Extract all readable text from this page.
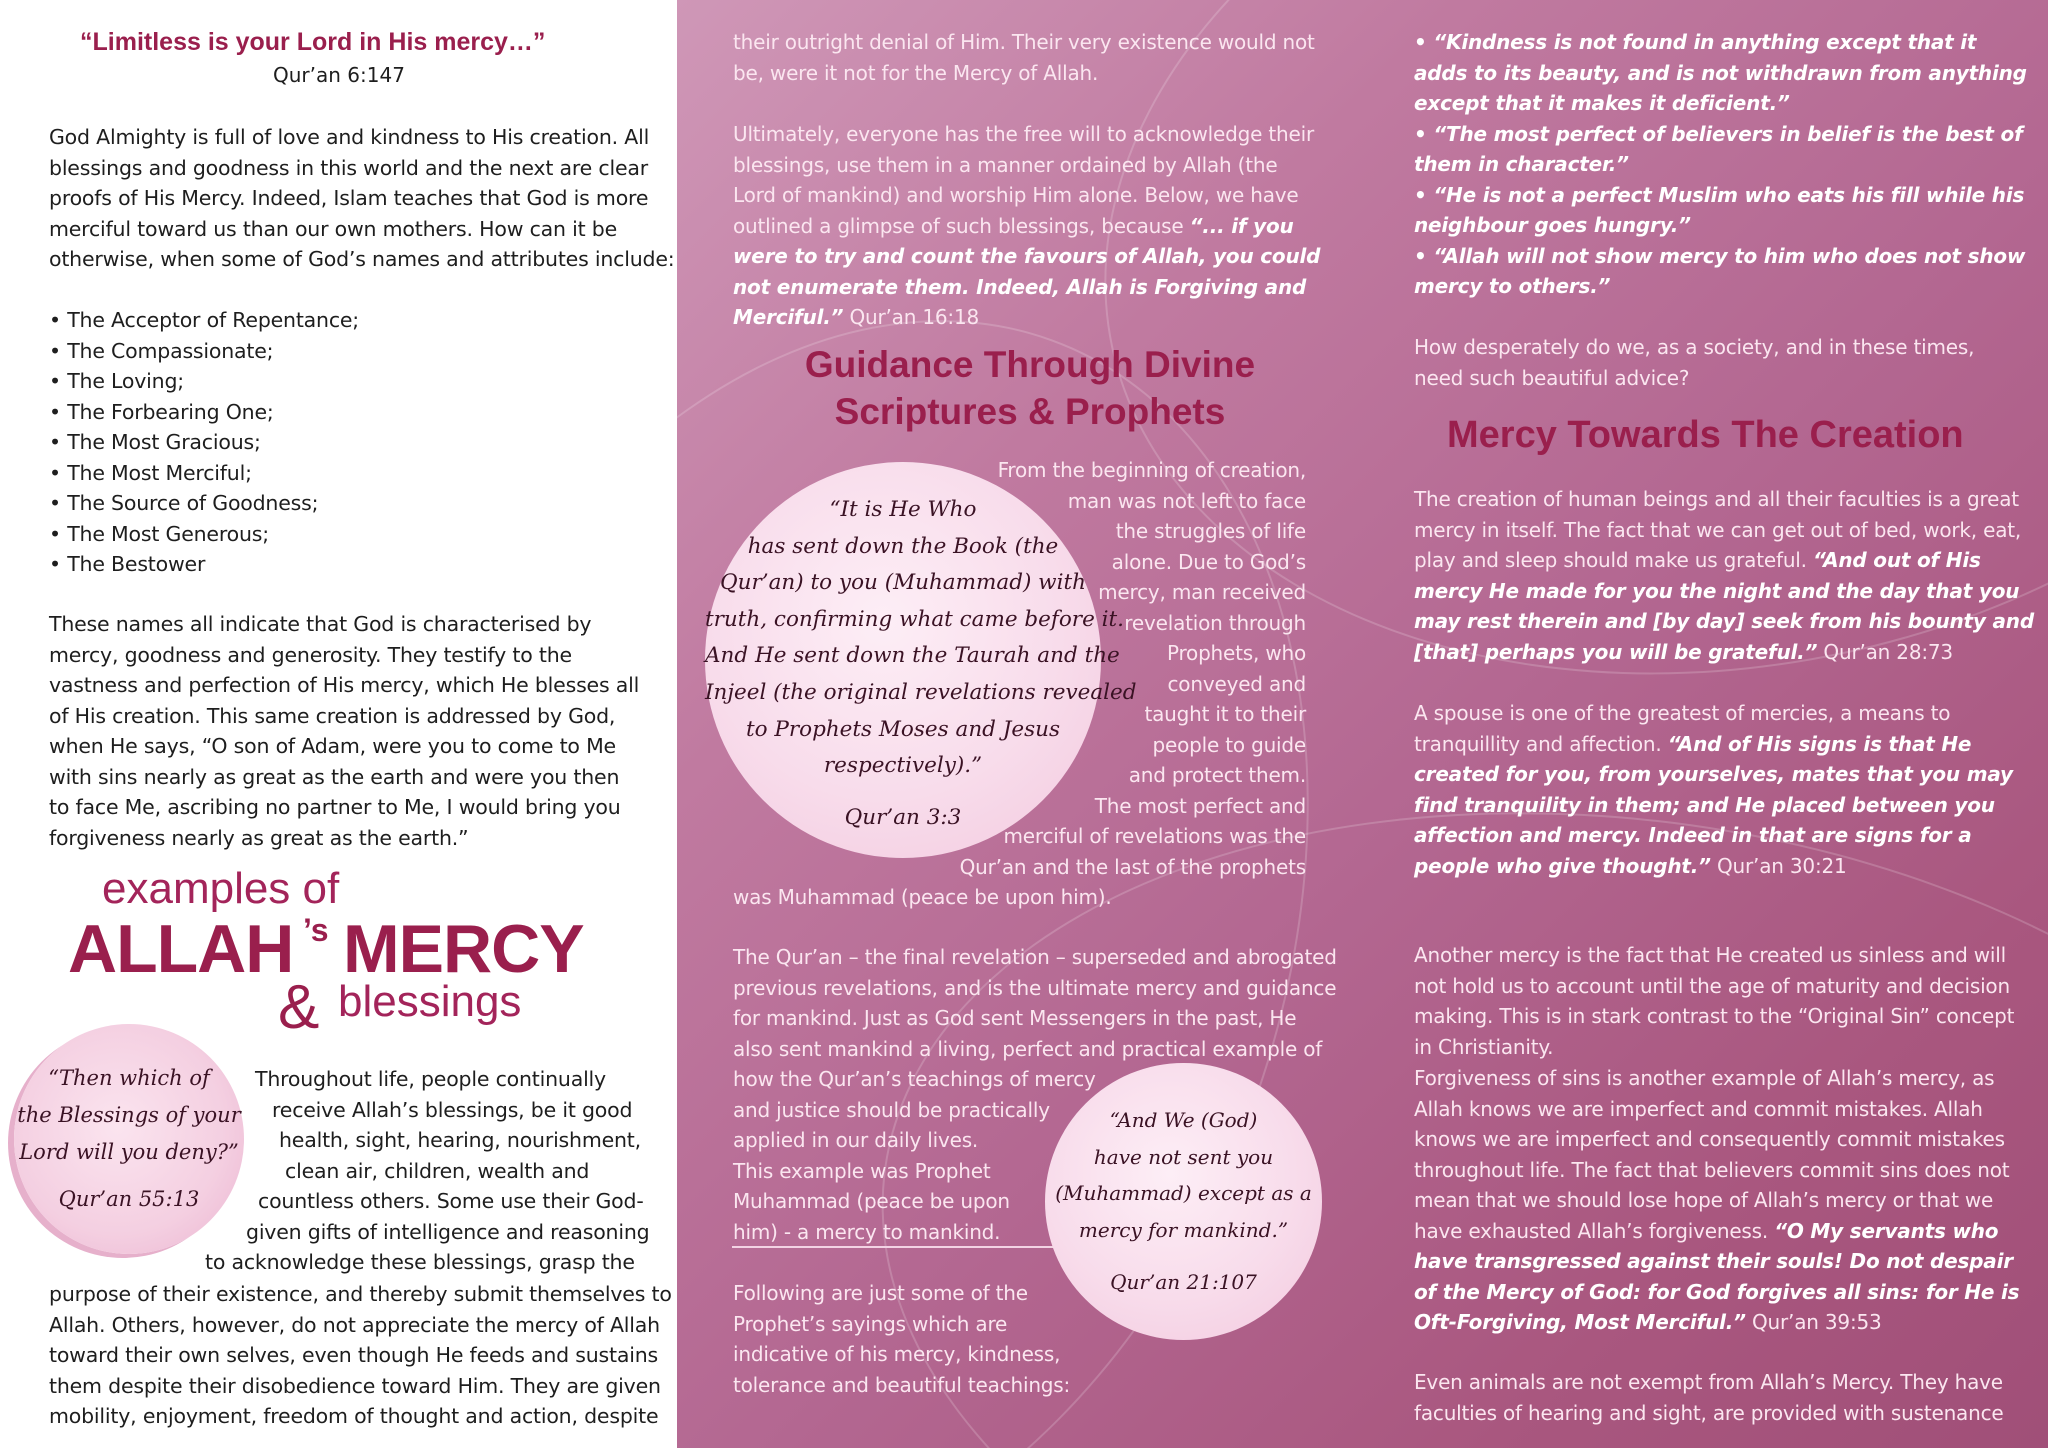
“Limitless is your Lord in His mercy…”
Qur’an 6:147
examples of
ALLAH ’s MERCY
& blessings
God Almighty is full of love and kindness to His creation. All
blessings and goodness in this world and the next are clear
proofs of His Mercy. Indeed, Islam teaches that God is more
merciful toward us than our own mothers. How can it be
otherwise, when some of God’s names and attributes include:
• The Acceptor of Repentance;
• The Compassionate;
• The Loving;
• The Forbearing One;
• The Most Gracious;
• The Most Merciful;
• The Source of Goodness;
• The Most Generous;
• The Bestower
These names all indicate that God is characterised by
mercy, goodness and generosity. They testify to the
vastness and perfection of His mercy, which He blesses all
of His creation. This same creation is addressed by God,
when He says, “O son of Adam, were you to come to Me
with sins nearly as great as the earth and were you then
to face Me, ascribing no partner to Me, I would bring you
forgiveness nearly as great as the earth.”
“Then which of
the Blessings of your
Lord will you deny?”
Qur’an 55:13
Throughout life, people continually
receive Allah’s blessings, be it good
health, sight, hearing, nourishment,
clean air, children, wealth and
countless others. Some use their God-
given gifts of intelligence and reasoning
to acknowledge these blessings, grasp the
purpose of their existence, and thereby submit themselves to
Allah. Others, however, do not appreciate the mercy of Allah
toward their own selves, even though He feeds and sustains
them despite their disobedience toward Him. They are given
mobility, enjoyment, freedom of thought and action, despite
Guidance Through Divine
Scriptures & Prophets
Mercy Towards The Creation
their outright denial of Him. Their very existence would not
be, were it not for the Mercy of Allah.
Ultimately, everyone has the free will to acknowledge their
blessings, use them in a manner ordained by Allah (the
Lord of mankind) and worship Him alone. Below, we have
outlined a glimpse of such blessings, because “... if you
were to try and count the favours of Allah, you could
not enumerate them. Indeed, Allah is Forgiving and
Merciful.” Qur’an 16:18
“It is He Who
has sent down the Book (the
Qur’an) to you (Muhammad) with
truth, confirming what came before it.
And He sent down the Taurah and the
Injeel (the original revelations revealed
to Prophets Moses and Jesus
respectively).”
Qur’an 3:3
From the beginning of creation,
man was not left to face
the struggles of life
alone. Due to God’s
mercy, man received
revelation through
Prophets, who
conveyed and
taught it to their
people to guide
and protect them.
The most perfect and
merciful of revelations was the
Qur’an and the last of the prophets
was Muhammad (peace be upon him).
The Qur’an – the final revelation – superseded and abrogated
previous revelations, and is the ultimate mercy and guidance
for mankind. Just as God sent Messengers in the past, He
also sent mankind a living, perfect and practical example of
how the Qur’an’s teachings of mercy
and justice should be practically
applied in our daily lives.
This example was Prophet
Muhammad (peace be upon
him) - a mercy to mankind.
“And We (God)
have not sent you
(Muhammad) except as a
mercy for mankind.”
Qur’an 21:107
Following are just some of the
Prophet’s sayings which are
indicative of his mercy, kindness,
tolerance and beautiful teachings:
• “Kindness is not found in anything except that it
adds to its beauty, and is not withdrawn from anything
except that it makes it deficient.”
• “The most perfect of believers in belief is the best of
them in character.”
• “He is not a perfect Muslim who eats his fill while his
neighbour goes hungry.”
• “Allah will not show mercy to him who does not show
mercy to others.”
How desperately do we, as a society, and in these times,
need such beautiful advice?
The creation of human beings and all their faculties is a great
mercy in itself. The fact that we can get out of bed, work, eat,
play and sleep should make us grateful. “And out of His
mercy He made for you the night and the day that you
may rest therein and [by day] seek from his bounty and
[that] perhaps you will be grateful.” Qur’an 28:73
A spouse is one of the greatest of mercies, a means to
tranquillity and affection. “And of His signs is that He
created for you, from yourselves, mates that you may
find tranquility in them; and He placed between you
affection and mercy. Indeed in that are signs for a
people who give thought.” Qur’an 30:21
Another mercy is the fact that He created us sinless and will
not hold us to account until the age of maturity and decision
making. This is in stark contrast to the “Original Sin” concept
in Christianity.
Forgiveness of sins is another example of Allah’s mercy, as
Allah knows we are imperfect and commit mistakes. Allah
knows we are imperfect and consequently commit mistakes
throughout life. The fact that believers commit sins does not
mean that we should lose hope of Allah’s mercy or that we
have exhausted Allah’s forgiveness. “O My servants who
have transgressed against their souls! Do not despair
of the Mercy of God: for God forgives all sins: for He is
Oft-Forgiving, Most Merciful.” Qur’an 39:53
Even animals are not exempt from Allah’s Mercy. They have
faculties of hearing and sight, are provided with sustenance
